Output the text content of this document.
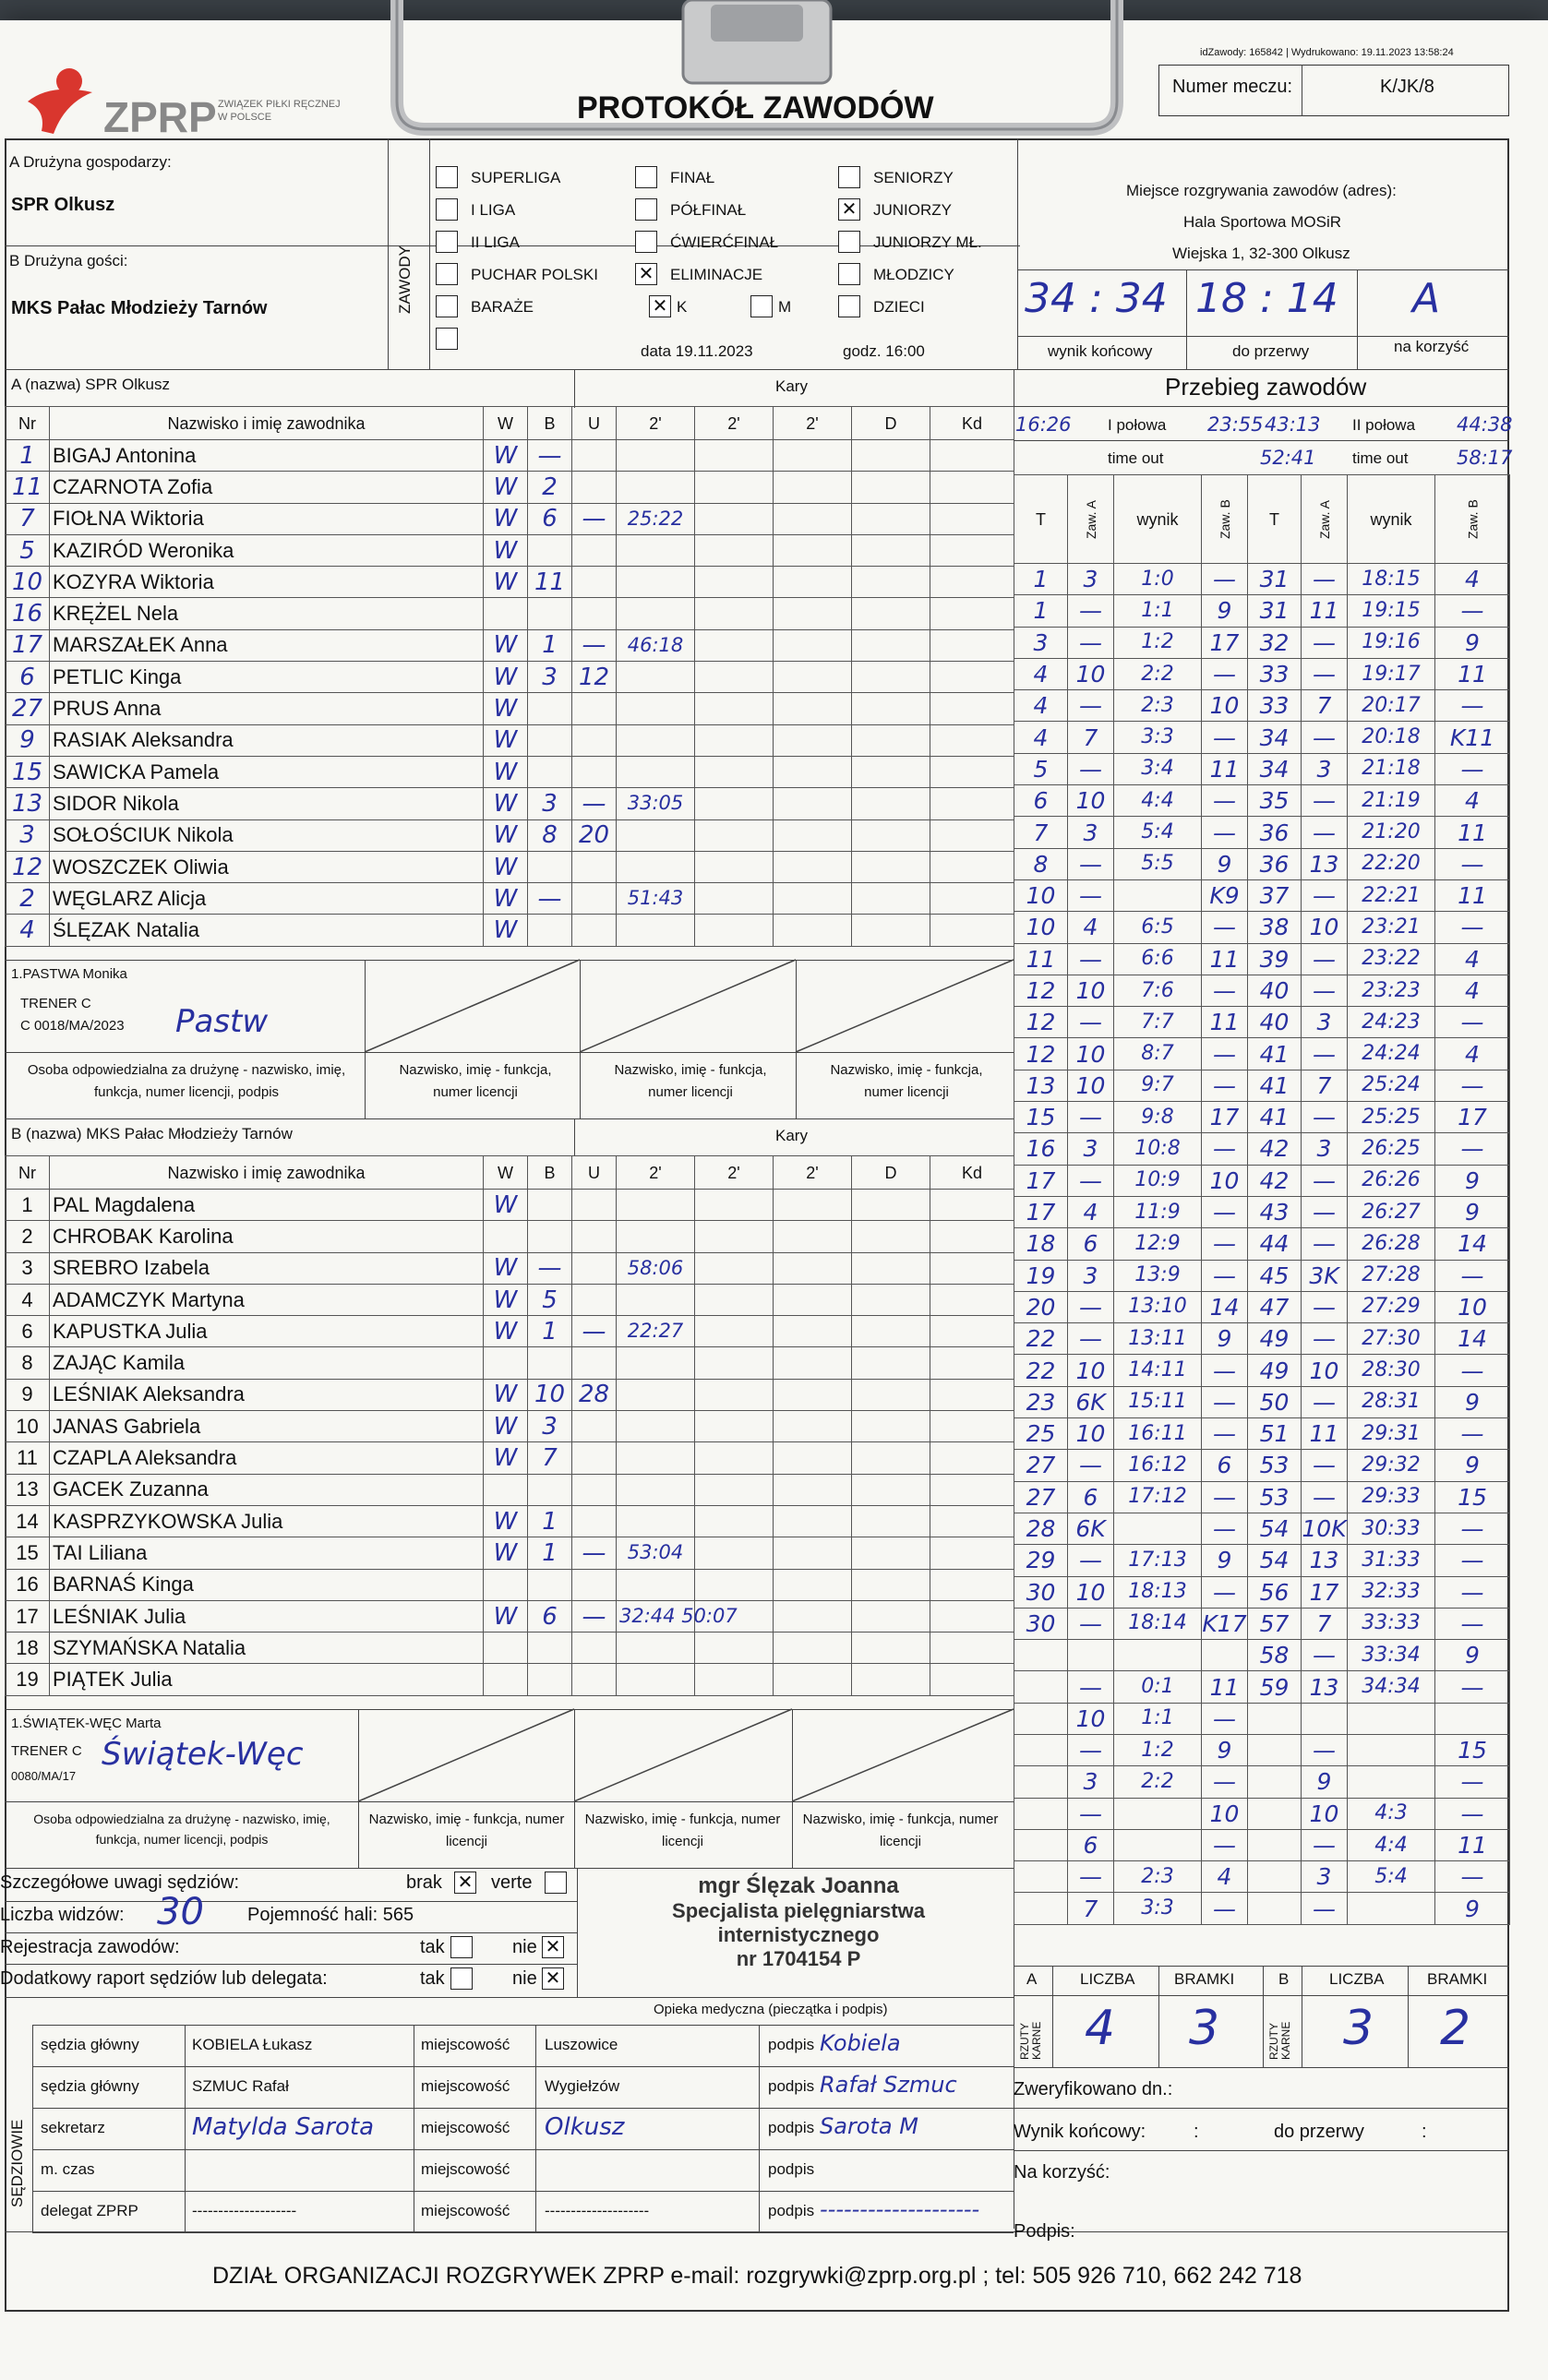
idZawody: 165842 | Wydrukowano: 19.11.2023 13:58:24
ZPRP ZWIĄZEK PIŁKI RĘCZNEJ
W POLSCE	PROTOKÓŁ ZAWODÓW
Numer meczu:	K/JK/8
A Drużyna gospodarzy:
SPR Olkusz
B Drużyna gości:
MKS Pałac Młodzieży Tarnów	ZAWODY
SUPERLIGA
I LIGA
II LIGA
PUCHAR POLSKI
BARAŻE
FINAŁ
PÓŁFINAŁ
ĆWIERĆFINAŁ
✕ ELIMINACJE
✕ K	M
SENIORZY
✕ JUNIORZY
JUNIORZY MŁ.
MŁODZICY
DZIECI
data 19.11.2023	godz. 16:00
Miejsce rozgrywania zawodów (adres):
Hala Sportowa MOSiR
Wiejska 1, 32-300 Olkusz
34 : 34 18 : 14 A
wynik końcowy	do przerwy	na korzyść
A (nazwa) SPR Olkusz	Kary	Przebieg zawodów
Nr	Nazwisko i imię zawodnika	W	B	U	2'	2'	2'	D	Kd
1	BIGAJ Antonina	W	—						
11	CZARNOTA Zofia	W	2						
7	FIOŁNA Wiktoria	W	6	—	25:22				
5	KAZIRÓD Weronika	W							
10	KOZYRA Wiktoria	W	11						
16	KRĘŻEL Nela								
17	MARSZAŁEK Anna	W	1	—	46:18				
6	PETLIC Kinga	W	3	12					
27	PRUS Anna	W							
9	RASIAK Aleksandra	W							
15	SAWICKA Pamela	W							
13	SIDOR Nikola	W	3	—	33:05				
3	SOŁOŚCIUK Nikola	W	8	20					
12	WOSZCZEK Oliwia	W							
2	WĘGLARZ Alicja	W	—		51:43				
4	ŚLĘZAK Natalia	W							
1.PASTWA Monika
TRENER C
C 0018/MA/2023 Pastw
Osoba odpowiedzialna za drużynę - nazwisko, imię, funkcja, numer licencji, podpis
Nazwisko, imię - funkcja, numer licencji
Nazwisko, imię - funkcja, numer licencji
Nazwisko, imię - funkcja, numer licencji
B (nazwa) MKS Pałac Młodzieży Tarnów	Kary
Nr	Nazwisko i imię zawodnika	W	B	U	2'	2'	2'	D	Kd
1	PAL Magdalena	W							
2	CHROBAK Karolina								
3	SREBRO Izabela	W	—		58:06				
4	ADAMCZYK Martyna	W	5						
6	KAPUSTKA Julia	W	1	—	22:27				
8	ZAJĄC Kamila								
9	LEŚNIAK Aleksandra	W	10	28					
10	JANAS Gabriela	W	3						
11	CZAPLA Aleksandra	W	7						
13	GACEK Zuzanna								
14	KASPRZYKOWSKA Julia	W	1						
15	TAI Liliana	W	1	—	53:04				
16	BARNAŚ Kinga								
17	LEŚNIAK Julia	W	6	—	32:44 50:07				
18	SZYMAŃSKA Natalia								
19	PIĄTEK Julia								
1.ŚWIĄTEK-WĘC Marta
TRENER C
0080/MA/17
Świątek-Węc
Osoba odpowiedzialna za drużynę - nazwisko, imię, funkcja, numer licencji, podpis
Nazwisko, imię - funkcja, numer licencji
Nazwisko, imię - funkcja, numer licencji
Nazwisko, imię - funkcja, numer licencji
16:26 I połowa 23:55 43:13 II połowa 44:38
time out	52:41 time out	58:17
T	Zaw. A	wynik	Zaw. B	T	Zaw. A	wynik	Zaw. B
1	3	1:0	—	31	—	18:15	4
1	—	1:1	9	31	11	19:15	—
3	—	1:2	17	32	—	19:16	9
4	10	2:2	—	33	—	19:17	11
4	—	2:3	10	33	7	20:17	—
4	7	3:3	—	34	—	20:18	K11
5	—	3:4	11	34	3	21:18	—
6	10	4:4	—	35	—	21:19	4
7	3	5:4	—	36	—	21:20	11
8	—	5:5	9	36	13	22:20	—
10	—		K9	37	—	22:21	11
10	4	6:5	—	38	10	23:21	—
11	—	6:6	11	39	—	23:22	4
12	10	7:6	—	40	—	23:23	4
12	—	7:7	11	40	3	24:23	—
12	10	8:7	—	41	—	24:24	4
13	10	9:7	—	41	7	25:24	—
15	—	9:8	17	41	—	25:25	17
16	3	10:8	—	42	3	26:25	—
17	—	10:9	10	42	—	26:26	9
17	4	11:9	—	43	—	26:27	9
18	6	12:9	—	44	—	26:28	14
19	3	13:9	—	45	3K	27:28	—
20	—	13:10	14	47	—	27:29	10
22	—	13:11	9	49	—	27:30	14
22	10	14:11	—	49	10	28:30	—
23	6K	15:11	—	50	—	28:31	9
25	10	16:11	—	51	11	29:31	—
27	—	16:12	6	53	—	29:32	9
27	6	17:12	—	53	—	29:33	15
28	6K		—	54	10K	30:33	—
29	—	17:13	9	54	13	31:33	—
30	10	18:13	—	56	17	32:33	—
30	—	18:14	K17	57	7	33:33	—
				58	—	33:34	9
	—	0:1	11	59	13	34:34	—
	10	1:1	—				
	—	1:2	9		—		15
	3	2:2	—		9		—
	—		10		10	4:3	—
	6		—		—	4:4	11
	—	2:3	4		3	5:4	—
	7	3:3	—		—		9
A	LICZBA BRAMKI	B	LICZBA	BRAMKI
RZUTY KARNE	RZUTY KARNE
4 3	3 2
Szczegółowe uwagi sędziów:	brak ✕ verte
Liczba widzów: 30 Pojemność hali: 565
Rejestracja zawodów:	tak	nie ✕
Dodatkowy raport sędziów lub delegata:	tak	nie ✕
mgr Ślęzak Joanna
Specjalista pielęgniarstwa
internistycznego
nr 1704154 P
Opieka medyczna (pieczątka i podpis)
SĘDZIOWIE
sędzia główny	KOBIELA Łukasz	miejscowość Luszowice	podpis Kobiela
sędzia główny	SZMUC Rafał	miejscowość Wygiełzów	podpis Rafał Szmuc
sekretarz	Matylda Sarota	miejscowość Olkusz	podpis Sarota M
m. czas	miejscowość	podpis
delegat ZPRP	--------------------	miejscowość --------------------	podpis --------------------
Zweryfikowano dn.:
Wynik końcowy:	:	do przerwy	:
Na korzyść:
Podpis:
DZIAŁ ORGANIZACJI ROZGRYWEK ZPRP e-mail: rozgrywki@zprp.org.pl ; tel: 505 926 710, 662 242 718
